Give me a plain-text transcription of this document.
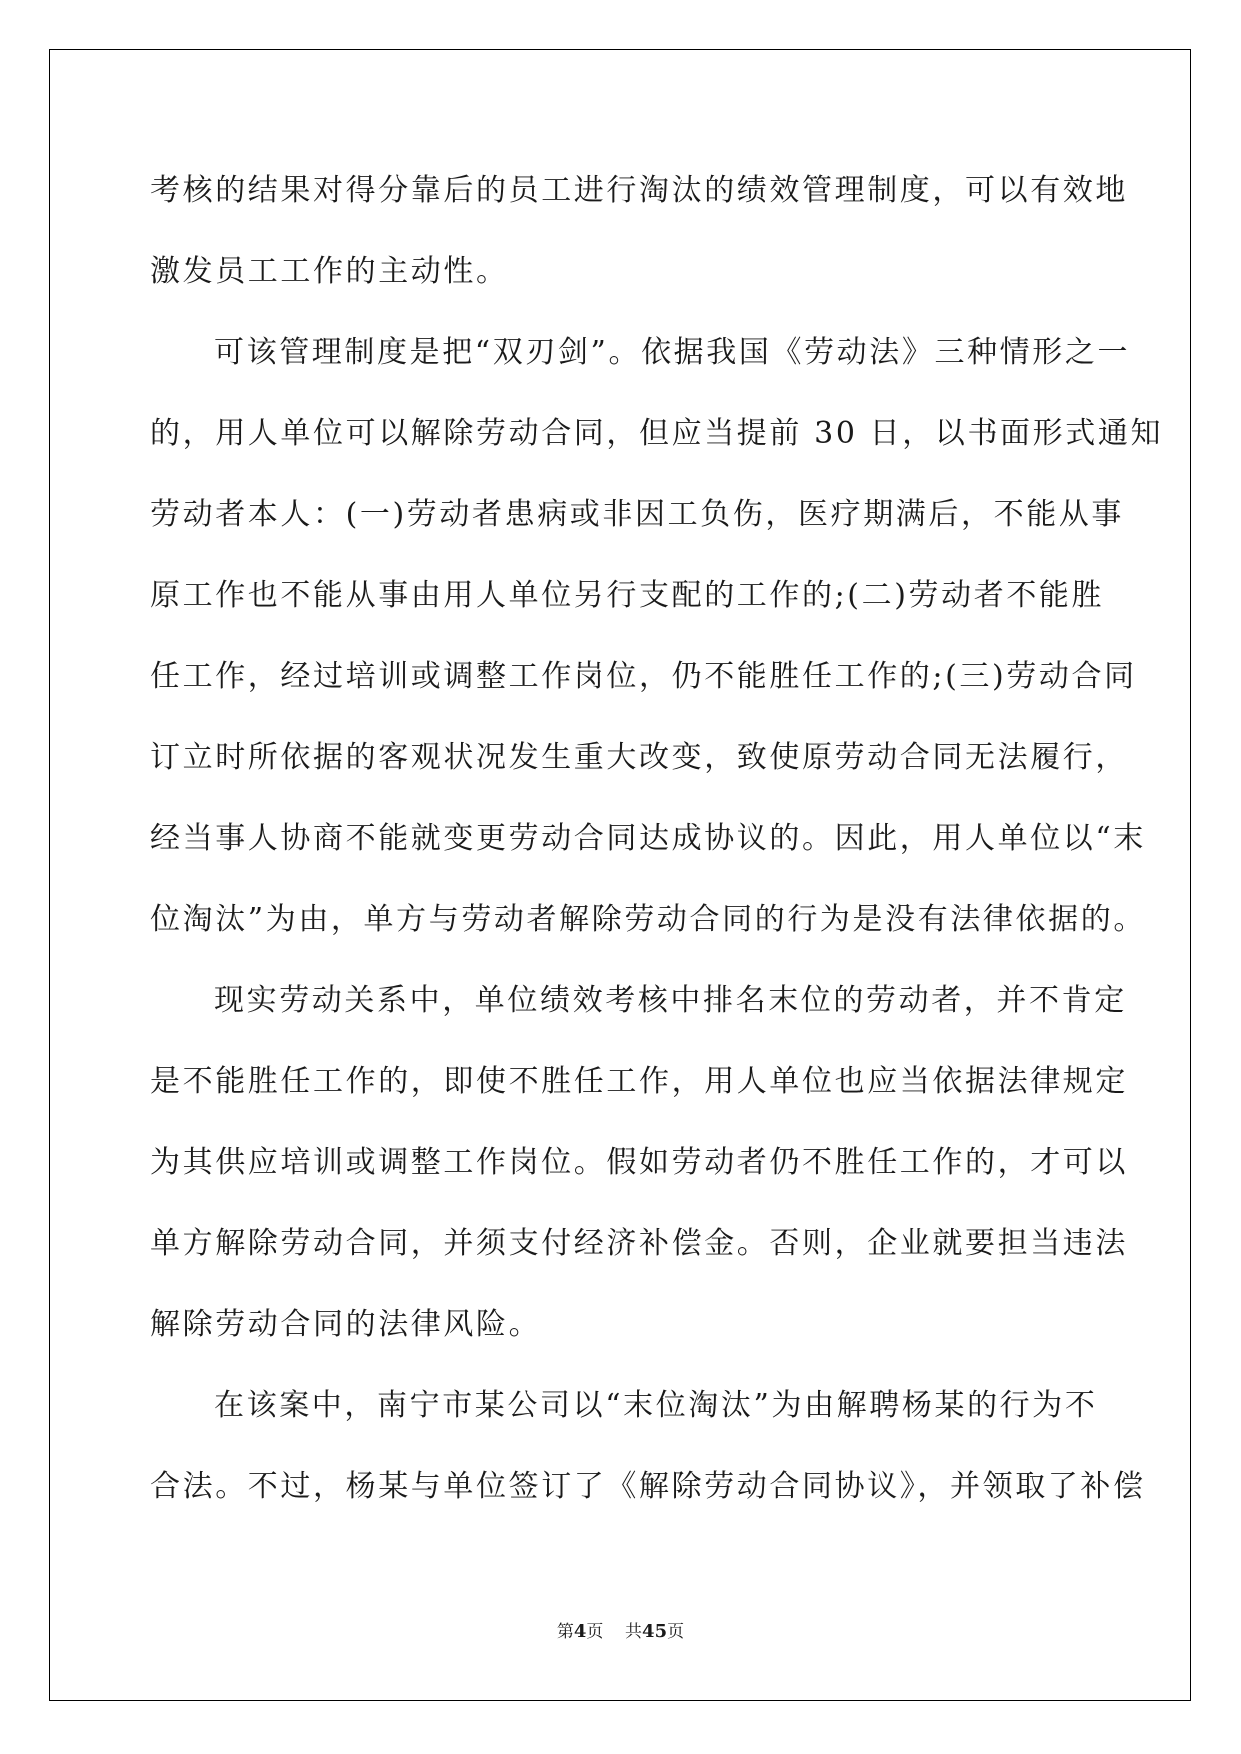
考核的结果对得分靠后的员工进行淘汰的绩效管理制度，可以有效地
激发员工工作的主动性。
可该管理制度是把“双刃剑”。依据我国《劳动法》三种情形之一
的，用人单位可以解除劳动合同，但应当提前 30 日，以书面形式通知
劳动者本人：(一)劳动者患病或非因工负伤，医疗期满后，不能从事
原工作也不能从事由用人单位另行支配的工作的;(二)劳动者不能胜
任工作，经过培训或调整工作岗位，仍不能胜任工作的;(三)劳动合同
订立时所依据的客观状况发生重大改变，致使原劳动合同无法履行，
经当事人协商不能就变更劳动合同达成协议的。因此，用人单位以“末
位淘汰”为由，单方与劳动者解除劳动合同的行为是没有法律依据的。
现实劳动关系中，单位绩效考核中排名末位的劳动者，并不肯定
是不能胜任工作的，即使不胜任工作，用人单位也应当依据法律规定
为其供应培训或调整工作岗位。假如劳动者仍不胜任工作的，才可以
单方解除劳动合同，并须支付经济补偿金。否则，企业就要担当违法
解除劳动合同的法律风险。
在该案中，南宁市某公司以“末位淘汰”为由解聘杨某的行为不
合法。不过，杨某与单位签订了《解除劳动合同协议》，并领取了补偿
第4页 共45页
